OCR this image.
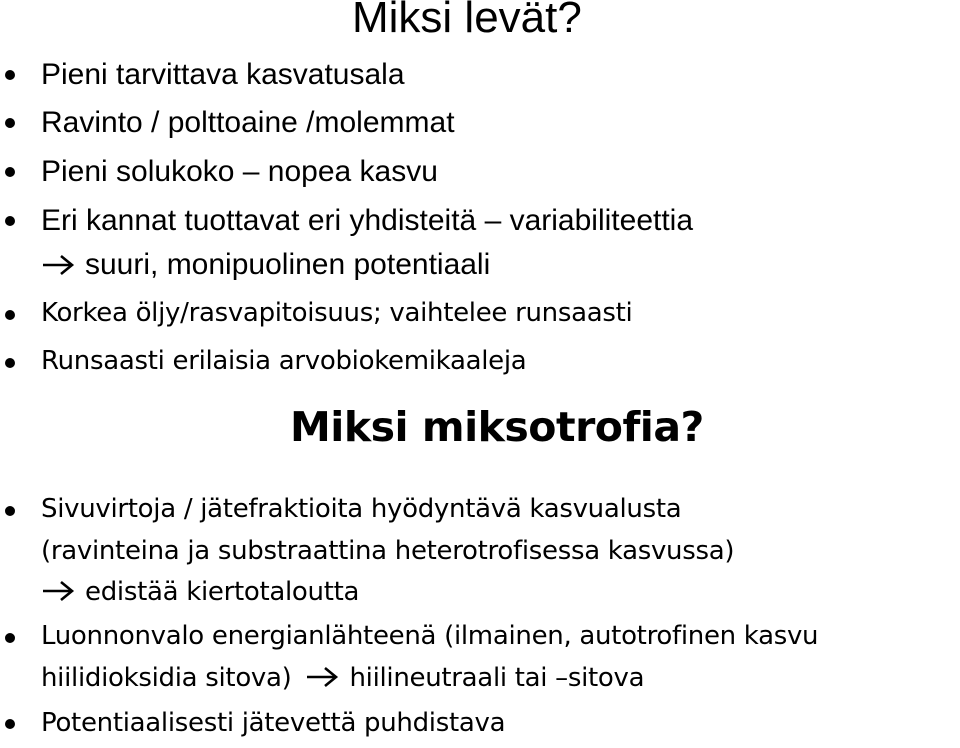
Miksi levät?
Pieni tarvittava kasvatusala
Ravinto / polttoaine /molemmat
Pieni solukoko – nopea kasvu
Eri kannat tuottavat eri yhdisteitä – variabiliteettia
suuri, monipuolinen potentiaali
Korkea öljy/rasvapitoisuus; vaihtelee runsaasti
Runsaasti erilaisia arvobiokemikaaleja
Miksi miksotrofia?
Sivuvirtoja / jätefraktioita hyödyntävä kasvualusta
(ravinteina ja substraattina heterotrofisessa kasvussa)
edistää kiertotaloutta
Luonnonvalo energianlähteenä (ilmainen, autotrofinen kasvu
hiilidioksidia sitova) hiilineutraali tai –sitova
Potentiaalisesti jätevettä puhdistava
